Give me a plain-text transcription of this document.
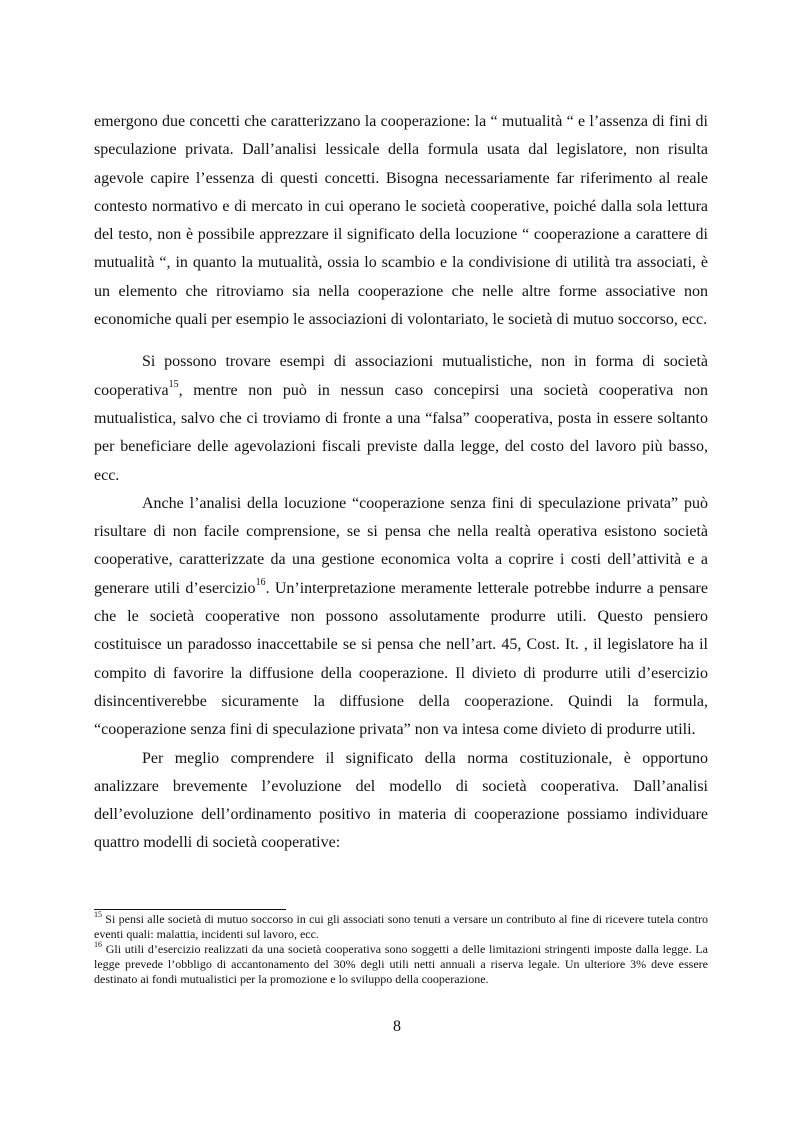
emergono due concetti che caratterizzano la cooperazione: la “ mutualità “ e l’assenza di fini di speculazione privata. Dall’analisi lessicale della formula usata dal legislatore, non risulta agevole capire l’essenza di questi concetti. Bisogna necessariamente far riferimento al reale contesto normativo e di mercato in cui operano le società cooperative, poiché dalla sola lettura del testo, non è possibile apprezzare il significato della locuzione “ cooperazione a carattere di mutualità “, in quanto la mutualità, ossia lo scambio e la condivisione di utilità tra associati, è un elemento che ritroviamo sia nella cooperazione che nelle altre forme associative non economiche quali per esempio le associazioni di volontariato, le società di mutuo soccorso, ecc.

Si possono trovare esempi di associazioni mutualistiche, non in forma di società cooperativa$^{15}$, mentre non può in nessun caso concepirsi una società cooperativa non mutualistica, salvo che ci troviamo di fronte a una “falsa” cooperativa, posta in essere soltanto per beneficiare delle agevolazioni fiscali previste dalla legge, del costo del lavoro più basso, ecc.

Anche l’analisi della locuzione “cooperazione senza fini di speculazione privata” può risultare di non facile comprensione, se si pensa che nella realtà operativa esistono società cooperative, caratterizzate da una gestione economica volta a coprire i costi dell’attività e a generare utili d’esercizio$^{16}$. Un’interpretazione meramente letterale potrebbe indurre a pensare che le società cooperative non possono assolutamente produrre utili. Questo pensiero costituisce un paradosso inaccettabile se si pensa che nell’art. 45, Cost. It. , il legislatore ha il compito di favorire la diffusione della cooperazione. Il divieto di produrre utili d’esercizio disincentiverebbe sicuramente la diffusione della cooperazione. Quindi la formula, “cooperazione senza fini di speculazione privata” non va intesa come divieto di produrre utili.

Per meglio comprendere il significato della norma costituzionale, è opportuno analizzare brevemente l’evoluzione del modello di società cooperativa. Dall’analisi dell’evoluzione dell’ordinamento positivo in materia di cooperazione possiamo individuare quattro modelli di società cooperative:

$^{15}$ Si pensi alle società di mutuo soccorso in cui gli associati sono tenuti a versare un contributo al fine di ricevere tutela contro eventi quali: malattia, incidenti sul lavoro, ecc.

$^{16}$ Gli utili d’esercizio realizzati da una società cooperativa sono soggetti a delle limitazioni stringenti imposte dalla legge. La legge prevede l’obbligo di accantonamento del 30% degli utili netti annuali a riserva legale. Un ulteriore 3% deve essere destinato ai fondi mutualistici per la promozione e lo sviluppo della cooperazione.

8
